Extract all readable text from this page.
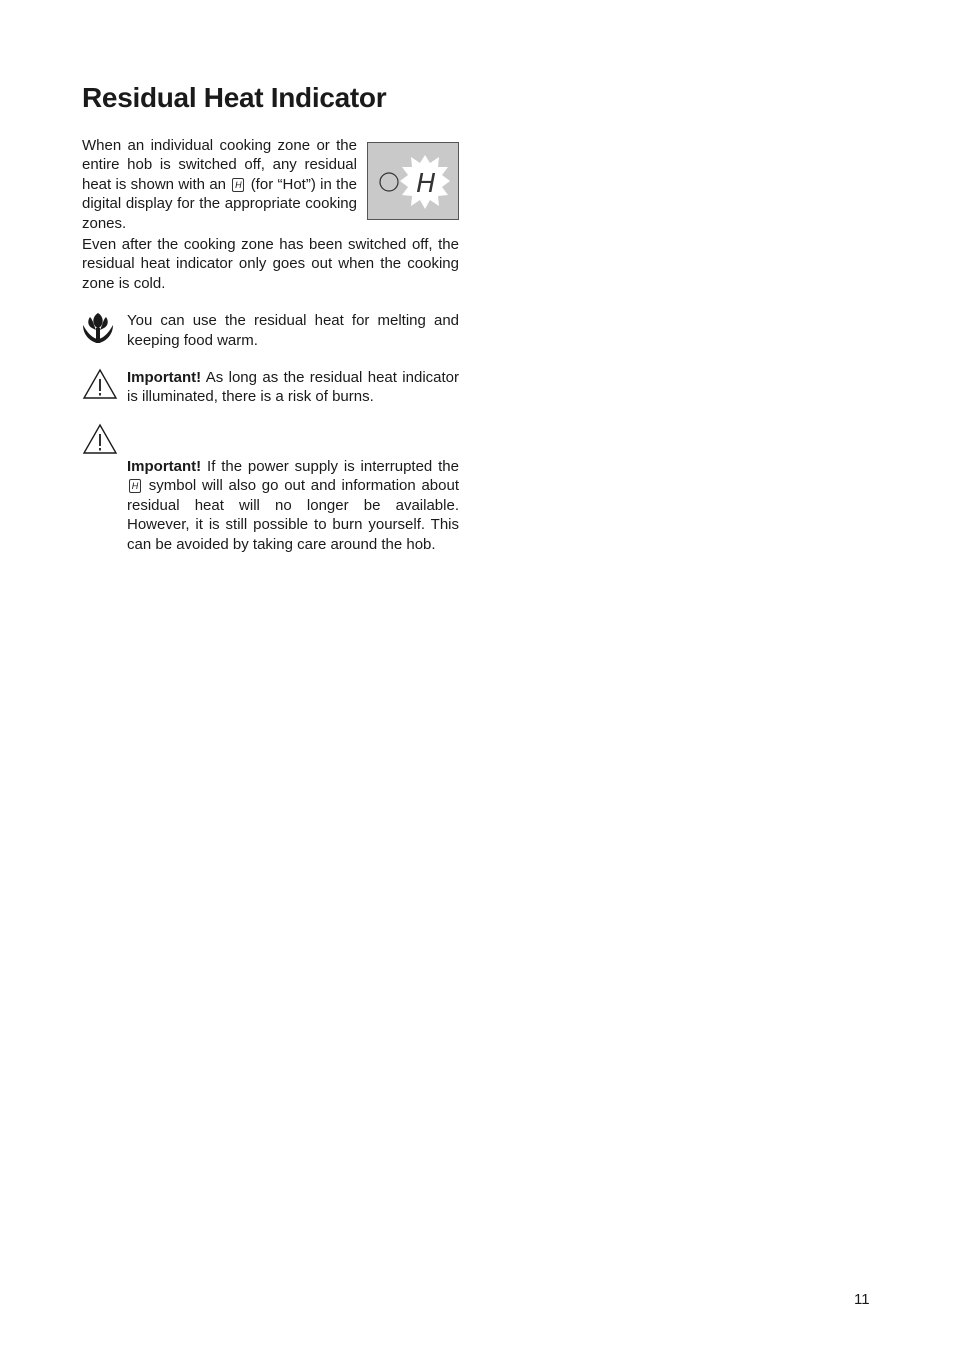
Residual Heat Indicator
H

When an individual cooking zone or the entire hob is switched off, any residual heat is shown with an H (for “Hot”) in the digital display for the appropriate cooking zones.

Even after the cooking zone has been switched off, the residual heat indicator only goes out when the cooking zone is cold.

You can use the residual heat for melting and keeping food warm.

Important! As long as the residual heat indicator is illuminated, there is a risk of burns.

Important! If the power supply is interrupted the H symbol will also go out and information about residual heat will no longer be available. However, it is still possible to burn yourself. This can be avoided by taking care around the hob.

11
